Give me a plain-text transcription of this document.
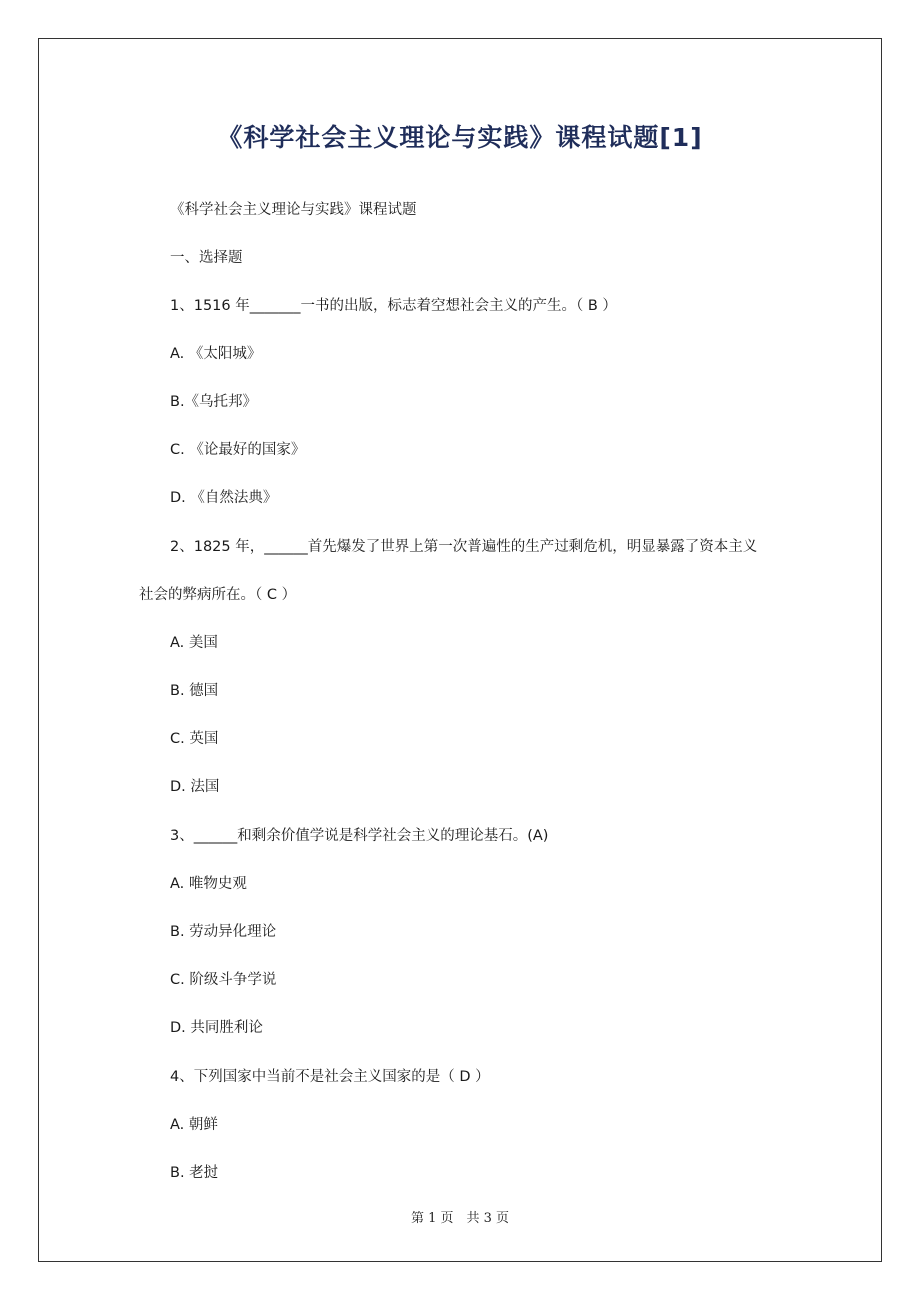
《科学社会主义理论与实践》课程试题[1]
《科学社会主义理论与实践》课程试题
一、选择题
1、1516 年_______一书的出版，标志着空想社会主义的产生。（ B ）
A. 《太阳城》
B.《乌托邦》
C. 《论最好的国家》
D. 《自然法典》
2、1825 年，______首先爆发了世界上第一次普遍性的生产过剩危机，明显暴露了资本主义
社会的弊病所在。（ C ）
A. 美国
B. 德国
C. 英国
D. 法国
3、______和剩余价值学说是科学社会主义的理论基石。(A)
A. 唯物史观
B. 劳动异化理论
C. 阶级斗争学说
D. 共同胜利论
4、下列国家中当前不是社会主义国家的是（ D ）
A. 朝鲜
B. 老挝
第 1 页　共 3 页
